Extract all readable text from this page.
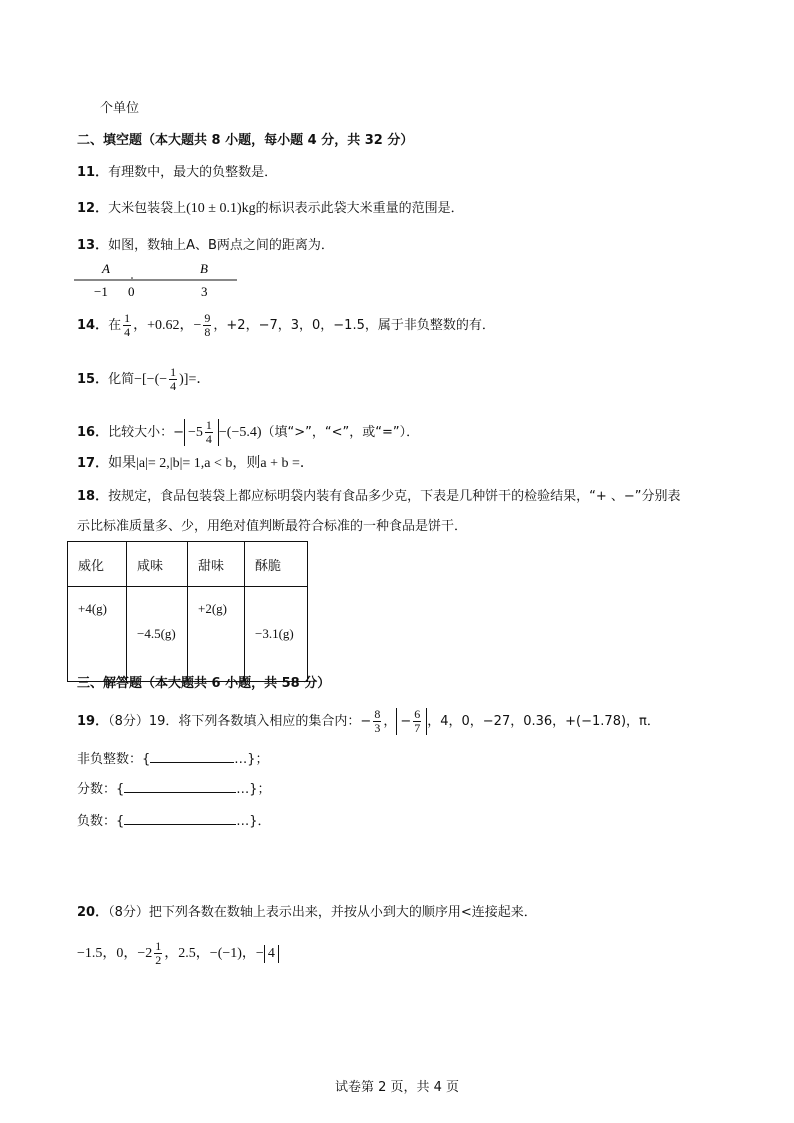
个单位
二、填空题（本大题共 8 小题，每小题 4 分，共 32 分）
11．有理数中，最大的负整数是．
12．大米包装袋上(10 ± 0.1)kg的标识表示此袋大米重量的范围是．
13．如图，数轴上A、B两点之间的距离为．
A	B
−1 0	3
14．在 $\frac{1}{4}$ ，+0.62，− $\frac{9}{8}$ ，+2，−7，3，0，−1.5，属于非负整数的有．
15．化简−[−(− $\frac{1}{4}$ )]=．
16．比较大小：− $-5 \frac{1}{4} -(-5.4)$（填“>”，“<”，或“=”）．
17．如果|a|= 2,|b|= 1,a < b，则a + b =．
18．按规定，食品包装袋上都应标明袋内装有食品多少克，下表是几种饼干的检验结果，“+ 、−”分别表
示比标准质量多、少，用绝对值判断最符合标准的一种食品是饼干．
威化	咸味	甜味	酥脆
+4(g)	−4.5(g)	+2(g)	−3.1(g)
三、解答题（本大题共 6 小题，共 58 分）
19．（8分）19．将下列各数填入相应的集合内：− $\frac{8}{3}$ ， − $\frac{6}{7}$ ，4，0，−27，0.36，+(−1.78)，π．
非负整数：{	…}；
分数：{	…}；
负数：{	…}．
20．（8分）把下列各数在数轴上表示出来，并按从小到大的顺序用<连接起来．
−1.5，0，$-2 \frac{1}{2}$ ，2.5，−(−1)，− 4
试卷第 2 页，共 4 页
